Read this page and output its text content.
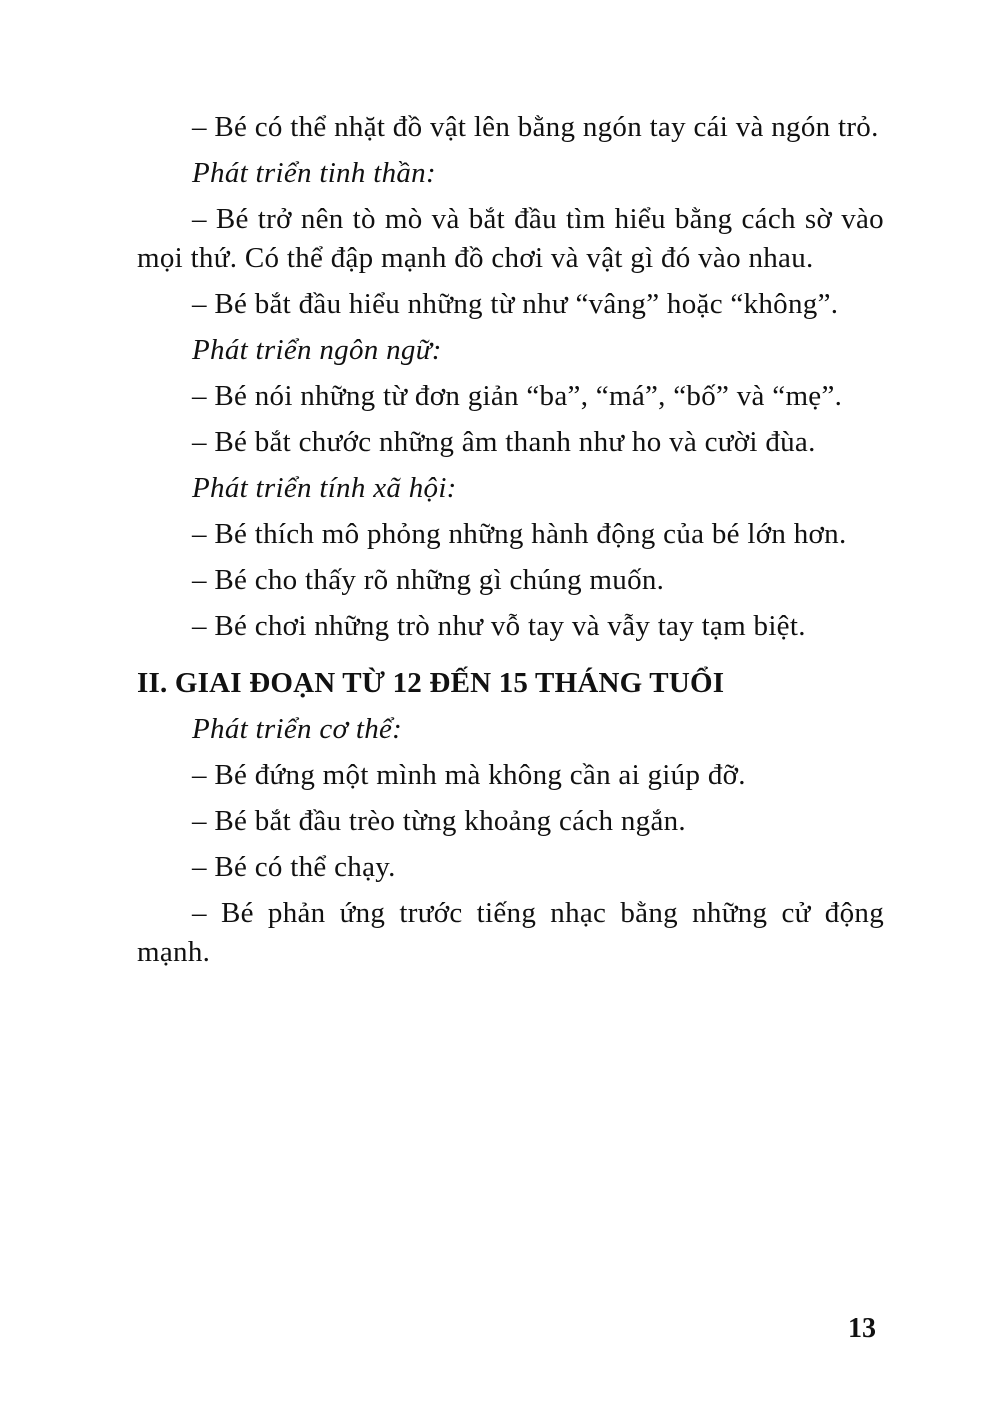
– Bé có thể nhặt đồ vật lên bằng ngón tay cái và ngón trỏ.

Phát triển tinh thần:

– Bé trở nên tò mò và bắt đầu tìm hiểu bằng cách sờ vào mọi thứ. Có thể đập mạnh đồ chơi và vật gì đó vào nhau.

– Bé bắt đầu hiểu những từ như “vâng” hoặc “không”.

Phát triển ngôn ngữ:

– Bé nói những từ đơn giản “ba”, “má”, “bố” và “mẹ”.

– Bé bắt chước những âm thanh như ho và cười đùa.

Phát triển tính xã hội:

– Bé thích mô phỏng những hành động của bé lớn hơn.

– Bé cho thấy rõ những gì chúng muốn.

– Bé chơi những trò như vỗ tay và vẫy tay tạm biệt.

II. GIAI ĐOẠN TỪ 12 ĐẾN 15 THÁNG TUỔI

Phát triển cơ thể:

– Bé đứng một mình mà không cần ai giúp đỡ.

– Bé bắt đầu trèo từng khoảng cách ngắn.

– Bé có thể chạy.

– Bé phản ứng trước tiếng nhạc bằng những cử động mạnh.

13
